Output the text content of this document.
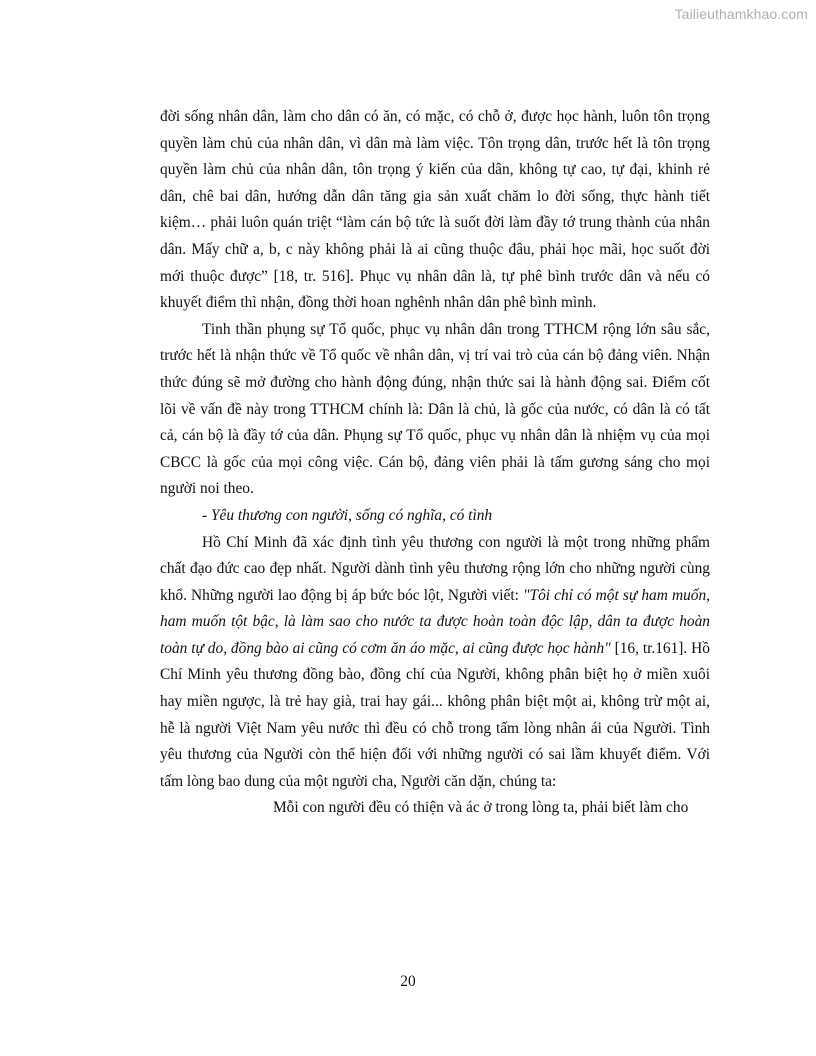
Tailieuthamkhao.com

đời sống nhân dân, làm cho dân có ăn, có mặc, có chỗ ở, được học hành, luôn tôn trọng quyền làm chủ của nhân dân, vì dân mà làm việc. Tôn trọng dân, trước hết là tôn trọng quyền làm chủ của nhân dân, tôn trọng ý kiến của dân, không tự cao, tự đại, khinh rẻ dân, chê bai dân, hướng dẫn dân tăng gia sản xuất chăm lo đời sống, thực hành tiết kiệm… phải luôn quán triệt “làm cán bộ tức là suốt đời làm đầy tớ trung thành của nhân dân. Mấy chữ a, b, c này không phải là ai cũng thuộc đâu, phải học mãi, học suốt đời mới thuộc được” [18, tr. 516]. Phục vụ nhân dân là, tự phê bình trước dân và nếu có khuyết điểm thì nhận, đồng thời hoan nghênh nhân dân phê bình mình.

Tinh thần phụng sự Tổ quốc, phục vụ nhân dân trong TTHCM rộng lớn sâu sắc, trước hết là nhận thức về Tổ quốc về nhân dân, vị trí vai trò của cán bộ đảng viên. Nhận thức đúng sẽ mở đường cho hành động đúng, nhận thức sai là hành động sai. Điểm cốt lõi về vấn đề này trong TTHCM chính là: Dân là chủ, là gốc của nước, có dân là có tất cả, cán bộ là đầy tớ của dân. Phụng sự Tổ quốc, phục vụ nhân dân là nhiệm vụ của mọi CBCC là gốc của mọi công việc. Cán bộ, đảng viên phải là tấm gương sáng cho mọi người noi theo.

- Yêu thương con người, sống có nghĩa, có tình

Hồ Chí Minh đã xác định tình yêu thương con người là một trong những phẩm chất đạo đức cao đẹp nhất. Người dành tình yêu thương rộng lớn cho những người cùng khổ. Những người lao động bị áp bức bóc lột, Người viết: "Tôi chỉ có một sự ham muốn, ham muốn tột bậc, là làm sao cho nước ta được hoàn toàn độc lập, dân ta được hoàn toàn tự do, đồng bào ai cũng có cơm ăn áo mặc, ai cũng được học hành" [16, tr.161]. Hồ Chí Minh yêu thương đồng bào, đồng chí của Người, không phân biệt họ ở miền xuôi hay miền ngược, là trẻ hay già, trai hay gái... không phân biệt một ai, không trừ một ai, hễ là người Việt Nam yêu nước thì đều có chỗ trong tấm lòng nhân ái của Người. Tình yêu thương của Người còn thể hiện đối với những người có sai lầm khuyết điểm. Với tấm lòng bao dung của một người cha, Người căn dặn, chúng ta:

Mỗi con người đều có thiện và ác ở trong lòng ta, phải biết làm cho

20
